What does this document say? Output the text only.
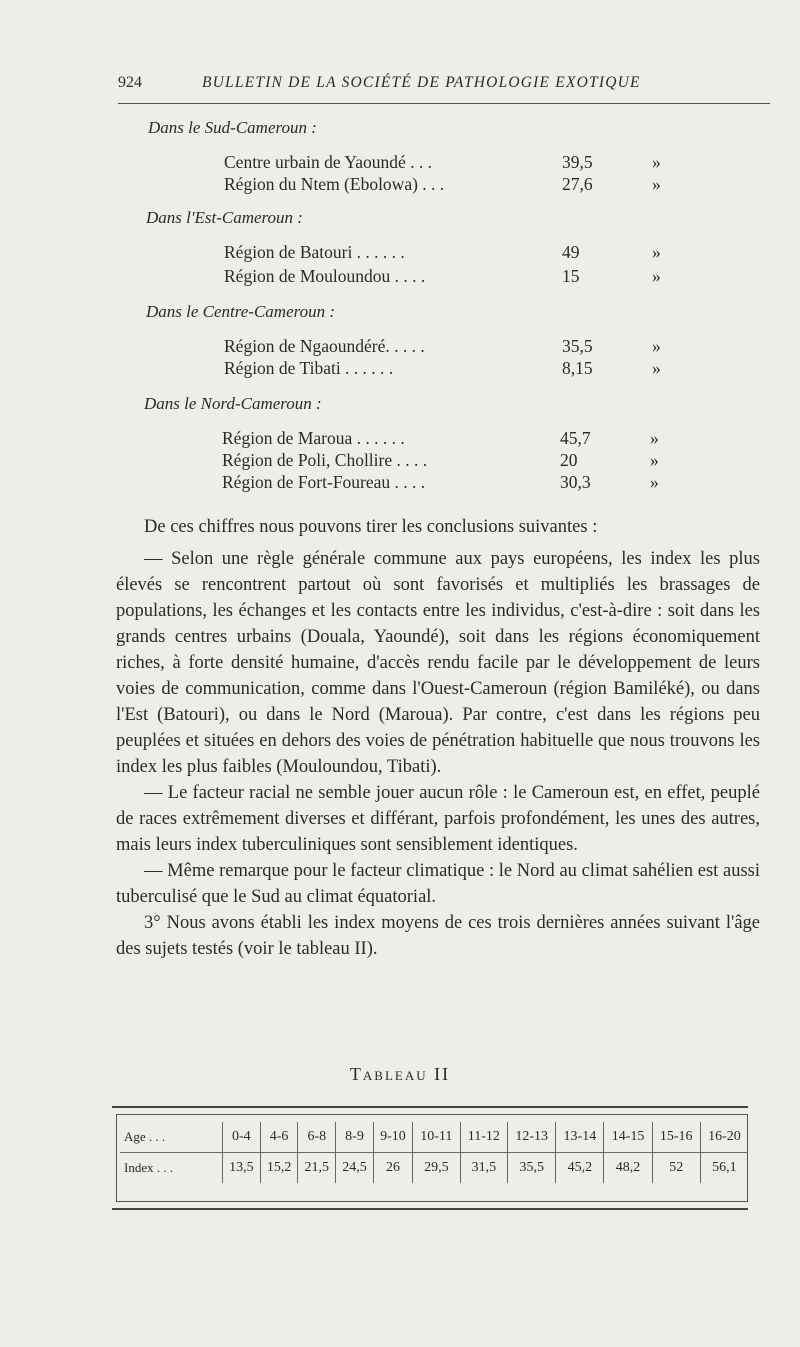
924	BULLETIN DE LA SOCIÉTÉ DE PATHOLOGIE EXOTIQUE
Dans le Sud-Cameroun :
Centre urbain de Yaoundé . . .	39,5	»
Région du Ntem (Ebolowa) . . .	27,6	»
Dans l'Est-Cameroun :
Région de Batouri . . . . . .	49	»
Région de Mouloundou . . . .	15	»
Dans le Centre-Cameroun :
Région de Ngaoundéré. . . . .	35,5	»
Région de Tibati . . . . . .	8,15	»
Dans le Nord-Cameroun :
Région de Maroua . . . . . .	45,7	»
Région de Poli, Chollire . . . .	20	»
Région de Fort-Foureau . . . .	30,3	»

De ces chiffres nous pouvons tirer les conclusions suivantes :

— Selon une règle générale commune aux pays européens, les index les plus élevés se rencontrent partout où sont favorisés et multipliés les brassages de populations, les échanges et les contacts entre les individus, c'est-à-dire : soit dans les grands centres urbains (Douala, Yaoundé), soit dans les régions économiquement riches, à forte densité humaine, d'accès rendu facile par le développement de leurs voies de communication, comme dans l'Ouest-Cameroun (région Bamiléké), ou dans l'Est (Batouri), ou dans le Nord (Maroua). Par contre, c'est dans les régions peu peuplées et situées en dehors des voies de pénétration habituelle que nous trouvons les index les plus faibles (Mouloundou, Tibati).

— Le facteur racial ne semble jouer aucun rôle : le Cameroun est, en effet, peuplé de races extrêmement diverses et différant, parfois profondément, les unes des autres, mais leurs index tuberculiniques sont sensiblement identiques.

— Même remarque pour le facteur climatique : le Nord au climat sahélien est aussi tuberculisé que le Sud au climat équatorial.

3° Nous avons établi les index moyens de ces trois dernières années suivant l'âge des sujets testés (voir le tableau II).

Tableau II
Age . . .	0-4	4-6	6-8	8-9	9-10	10-11	11-12	12-13	13-14	14-15	15-16	16-20
Index . . .	13,5	15,2	21,5	24,5	26	29,5	31,5	35,5	45,2	48,2	52	56,1
